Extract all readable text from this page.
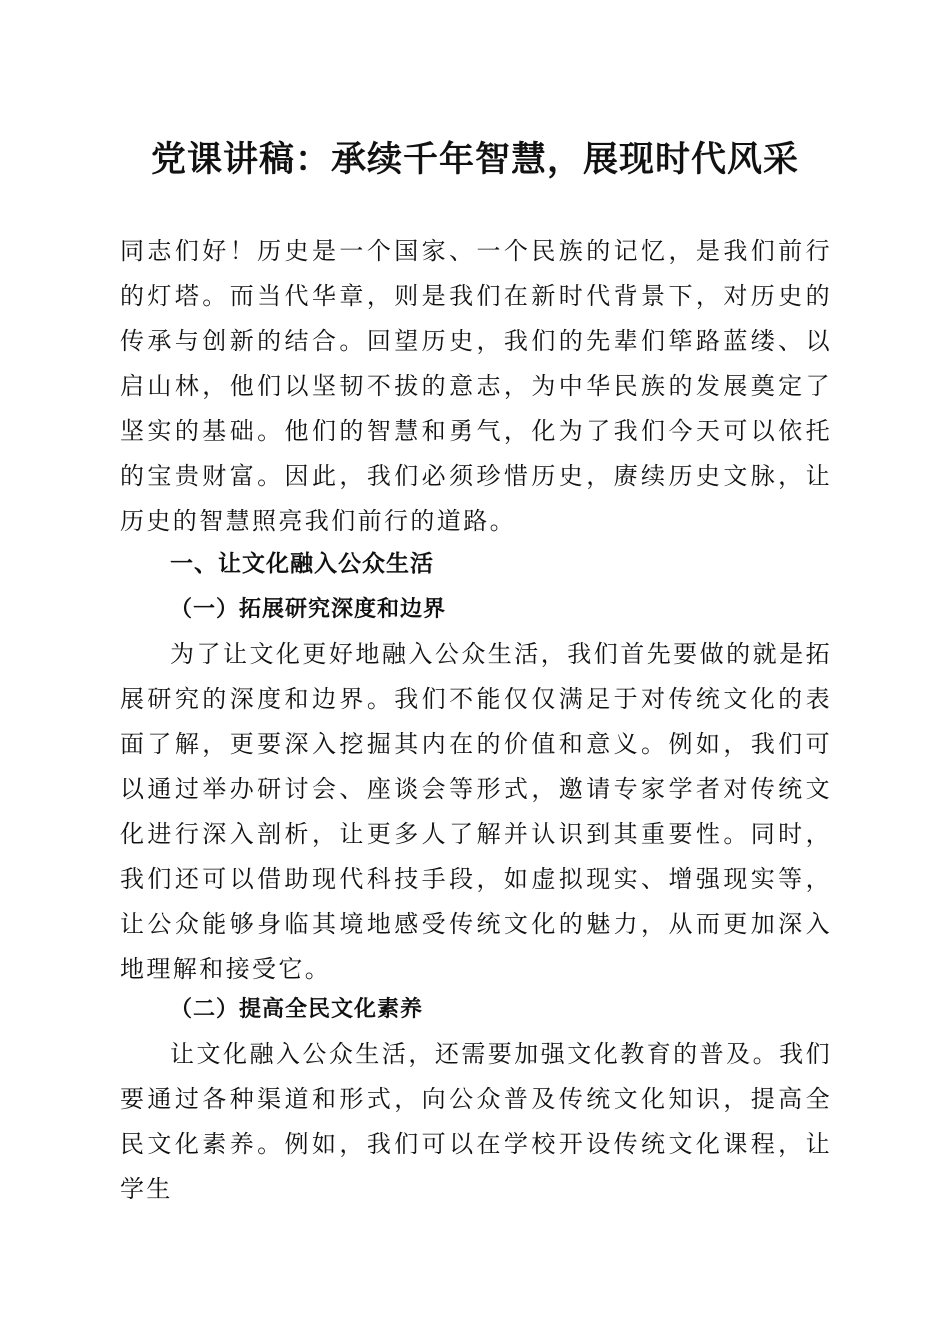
党课讲稿：承续千年智慧，展现时代风采

同志们好！历史是一个国家、一个民族的记忆，是我们前行的灯塔。而当代华章，则是我们在新时代背景下，对历史的传承与创新的结合。回望历史，我们的先辈们筚路蓝缕、以启山林，他们以坚韧不拔的意志，为中华民族的发展奠定了坚实的基础。他们的智慧和勇气，化为了我们今天可以依托的宝贵财富。因此，我们必须珍惜历史，赓续历史文脉，让历史的智慧照亮我们前行的道路。

一、让文化融入公众生活
（一）拓展研究深度和边界

为了让文化更好地融入公众生活，我们首先要做的就是拓展研究的深度和边界。我们不能仅仅满足于对传统文化的表面了解，更要深入挖掘其内在的价值和意义。例如，我们可以通过举办研讨会、座谈会等形式，邀请专家学者对传统文化进行深入剖析，让更多人了解并认识到其重要性。同时，我们还可以借助现代科技手段，如虚拟现实、增强现实等，让公众能够身临其境地感受传统文化的魅力，从而更加深入地理解和接受它。

（二）提高全民文化素养

让文化融入公众生活，还需要加强文化教育的普及。我们要通过各种渠道和形式，向公众普及传统文化知识，提高全民文化素养。例如，我们可以在学校开设传统文化课程，让学生
